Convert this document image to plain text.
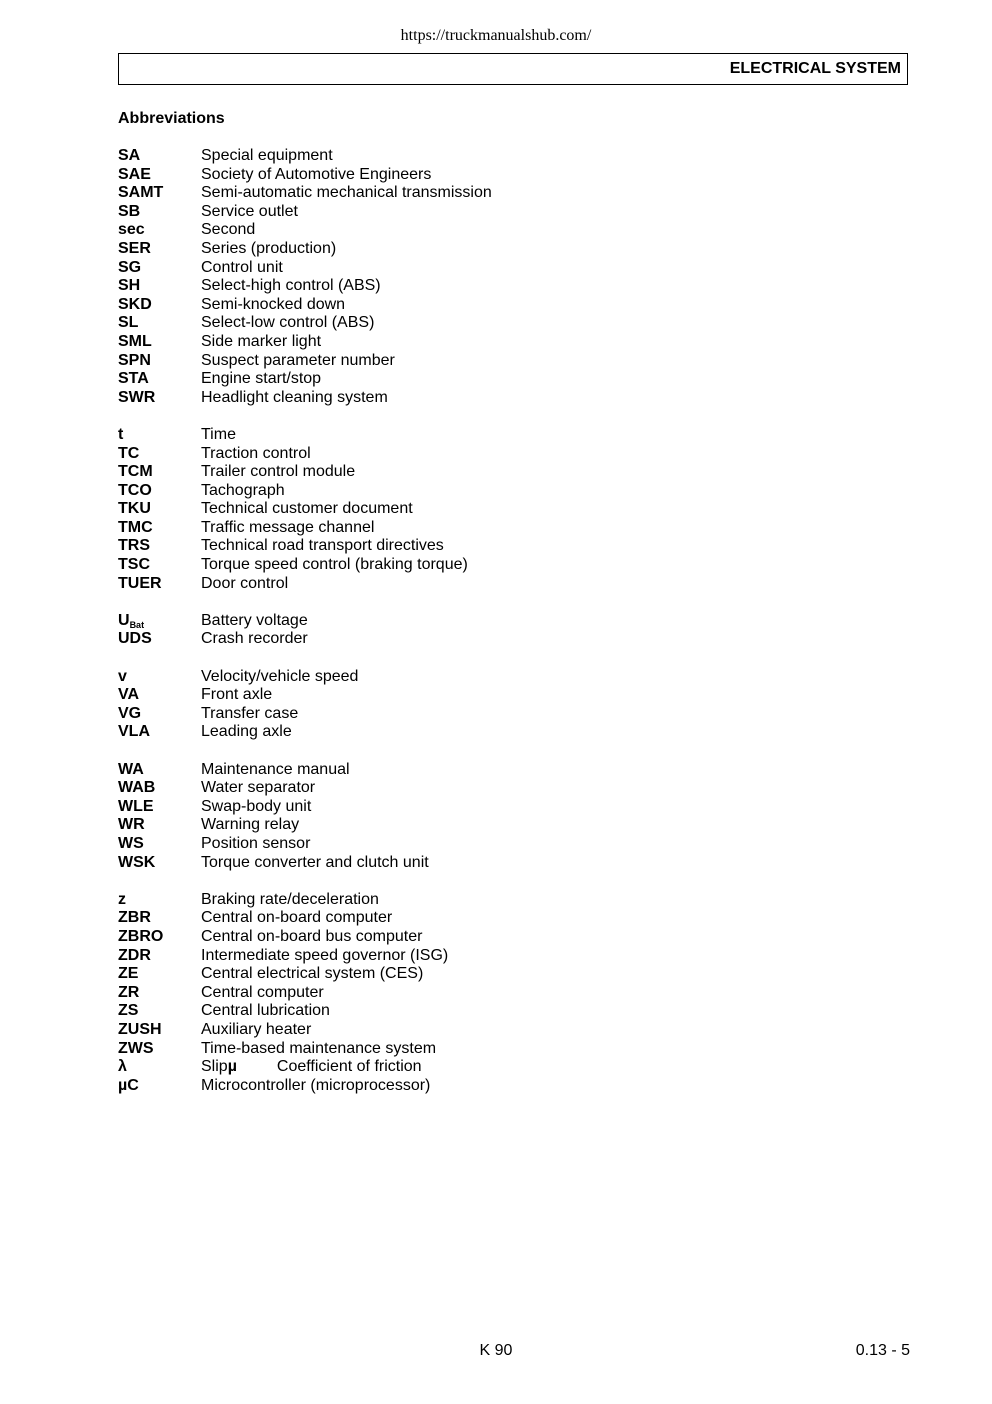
https://truckmanualshub.com/
ELECTRICAL SYSTEM
Abbreviations
SA	Special equipment
SAE	Society of Automotive Engineers
SAMT	Semi-automatic mechanical transmission
SB	Service outlet
sec	Second
SER	Series (production)
SG	Control unit
SH	Select-high control (ABS)
SKD	Semi-knocked down
SL	Select-low control (ABS)
SML	Side marker light
SPN	Suspect parameter number
STA	Engine start/stop
SWR	Headlight cleaning system
t	Time
TC	Traction control
TCM	Trailer control module
TCO	Tachograph
TKU	Technical customer document
TMC	Traffic message channel
TRS	Technical road transport directives
TSC	Torque speed control (braking torque)
TUER	Door control
$U_{Bat}$	Battery voltage
UDS	Crash recorder
v	Velocity/vehicle speed
VA	Front axle
VG	Transfer case
VLA	Leading axle
WA	Maintenance manual
WAB	Water separator
WLE	Swap-body unit
WR	Warning relay
WS	Position sensor
WSK	Torque converter and clutch unit
z	Braking rate/deceleration
ZBR	Central on-board computer
ZBRO	Central on-board bus computer
ZDR	Intermediate speed governor (ISG)
ZE	Central electrical system (CES)
ZR	Central computer
ZS	Central lubrication
ZUSH	Auxiliary heater
ZWS	Time-based maintenance system
λ	Slipµ	Coefficient of friction
µC	Microcontroller (microprocessor)
K 90	0.13 - 5
